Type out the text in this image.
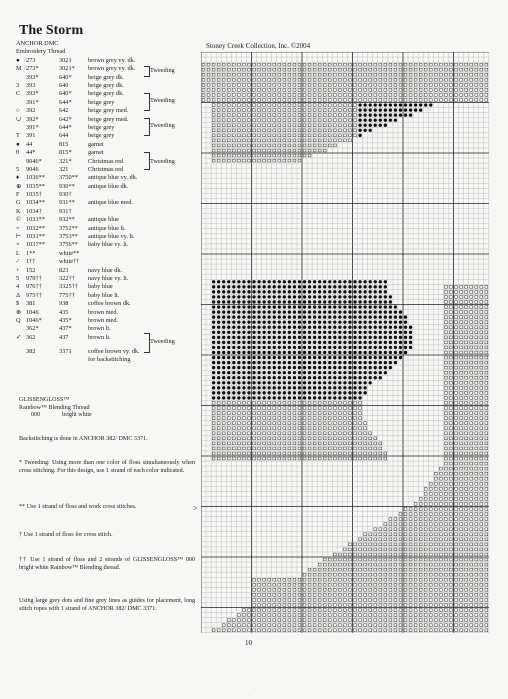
The Storm
Stoney Creek Collection, Inc. ©2004
ANCHOR DMC
Embroidery Thread
● 273	3021	brown grey vy. dk.
M 273*	3021*	brown grey vy. dk.
393*	640*	beige grey dk.
3	393	640	beige grey dk.
C 393*	640*	beige grey dk.
391*	644*	beige grey
○ 392	642	beige grey med.
∪ 392*	642*	beige grey med.
391*	644*	beige grey
T 391	644	beige grey
● 44	815	garnet
θ	44*	815*	garnet
9046*	321*	Christmas red
5	9046	321	Christmas red
♦	1036**	3750**	antique blue vy. dk.
⊕ 1035**	930**	antique blue dk.
F	1035†	930†
G 1034**	931**	antique blue med.
K 1034†	931†
© 1033**	932**	antique blue
=	1032**	3752**	antique blue lt.
⊢ 1031**	3753**	antique blue vy. lt.
×	1037**	3756**	baby blue vy. lt.
L 1**	white**
-'	1††	white††
+	152	823	navy blue dk.
5	979††	322††	navy blue vy. lt.
4	976††	3325††	baby blue
Δ 975††	775††	baby blue lt.
$	381	938	coffee brown dk.
⊛ 1046	435	brown med.
Q 1046*	435*	brown med.
362*	437*	brown lt.
✓ 362	437	brown lt.
382	3371	coffee brown vy. dk.
for backstitching
Tweeding
Tweeding
Tweeding
Tweeding
Tweeding

GLISSENGLOSS™

Rainbow™ Blending Thread

000	bright white

Backstitching is done in ANCHOR 382/ DMC 3371.

* Tweeding: Using more than one color of floss simultaneously when cross stitching. For this design, use 1 strand of each color indicated.

** Use 1 strand of floss and work cross stitches.

† Use 1 strand of floss for cross stitch.

†† Use 1 strand of floss and 2 strands of GLISSENGLOSS™ 000 bright white Rainbow™ Blending thread.

Using large grey dots and fine grey lines as guides for placement, long stitch ropes with 1 strand of ANCHOR 382/ DMC 3371.

>
10
· ·
